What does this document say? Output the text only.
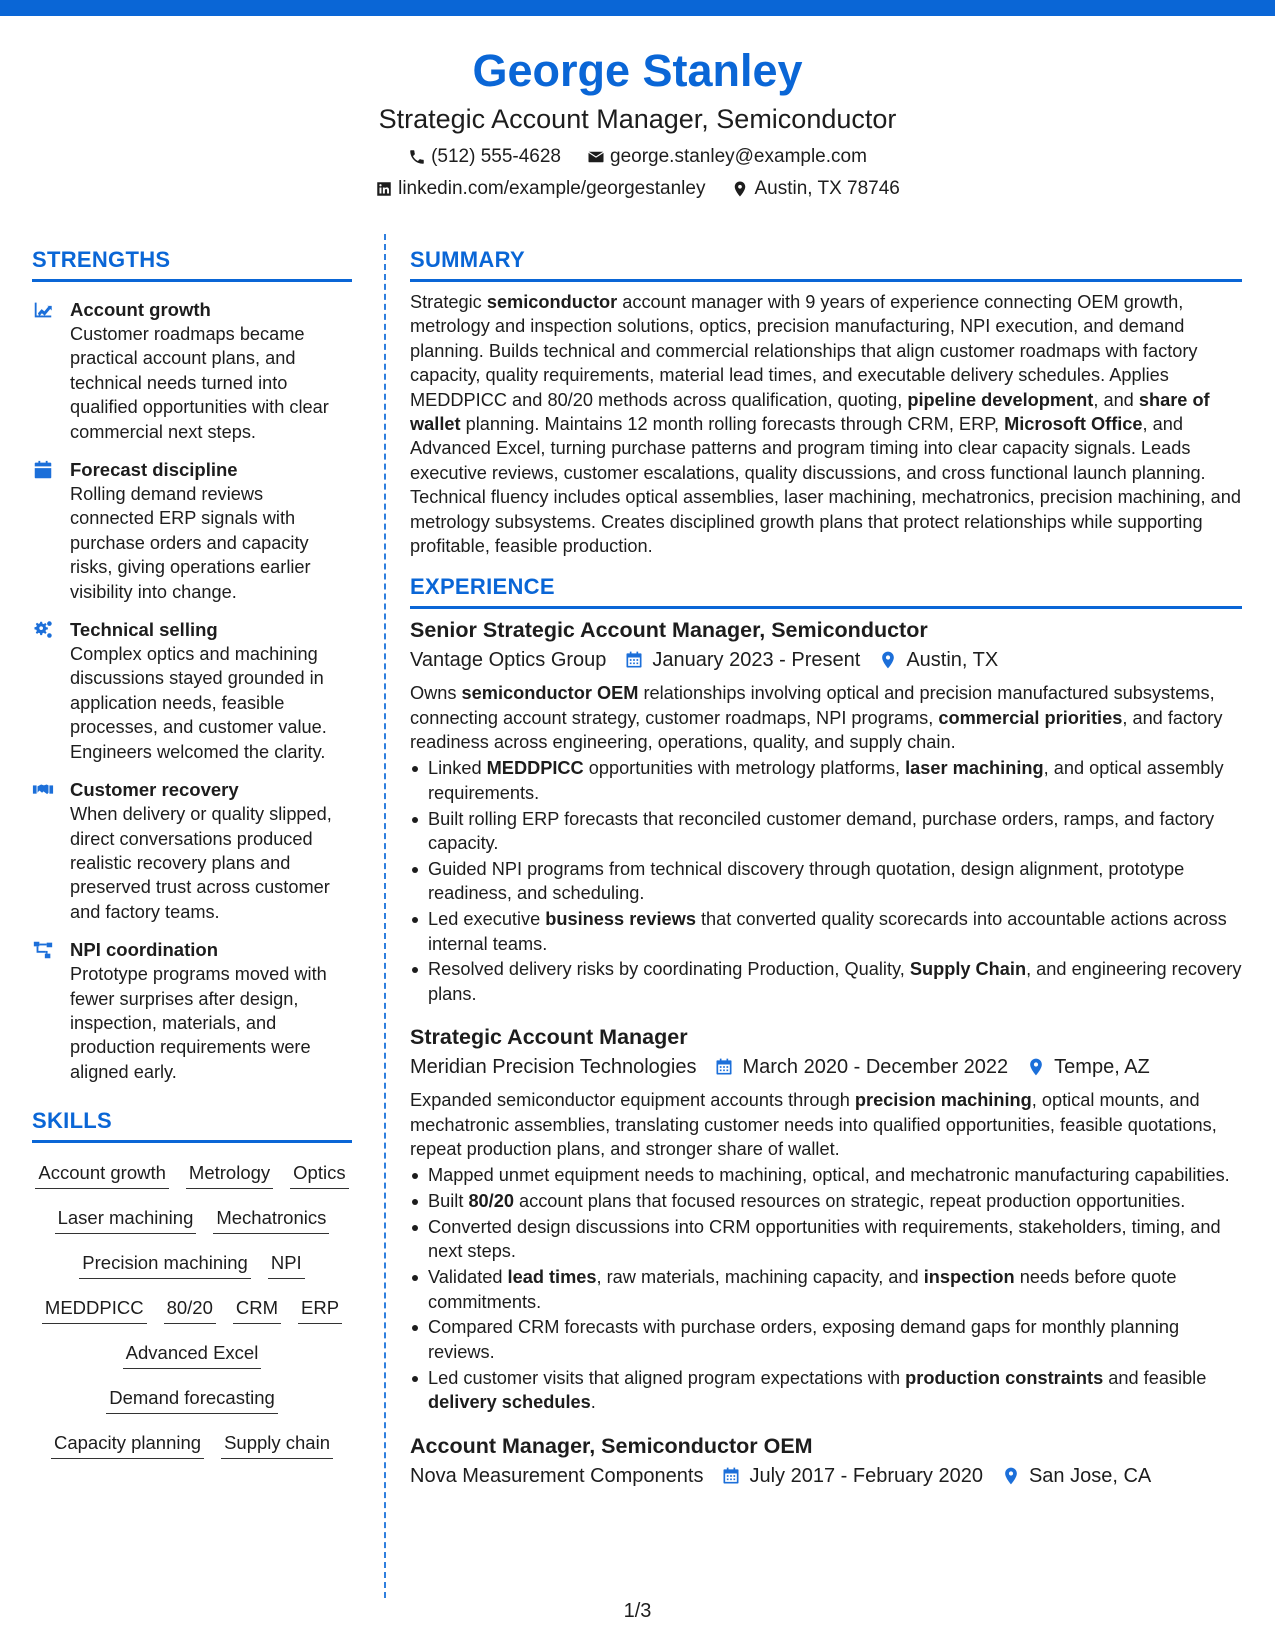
George Stanley

Strategic Account Manager, Semiconductor

(512) 555-4628	george.stanley@example.com
linkedin.com/example/georgestanley	Austin, TX 78746
STRENGTHS
Account growth
Customer roadmaps became practical account plans, and technical needs turned into qualified opportunities with clear commercial next steps.
Forecast discipline
Rolling demand reviews connected ERP signals with purchase orders and capacity risks, giving operations earlier visibility into change.
Technical selling
Complex optics and machining discussions stayed grounded in application needs, feasible processes, and customer value. Engineers welcomed the clarity.
Customer recovery
When delivery or quality slipped, direct conversations produced realistic recovery plans and preserved trust across customer and factory teams.
NPI coordination
Prototype programs moved with fewer surprises after design, inspection, materials, and production requirements were aligned early.
SKILLS
Account growth Metrology Optics
Laser machining Mechatronics
Precision machining NPI
MEDDPICC 80/20 CRM ERP
Advanced Excel
Demand forecasting
Capacity planning Supply chain
SUMMARY
Strategic semiconductor account manager with 9 years of experience connecting OEM growth, metrology and inspection solutions, optics, precision manufacturing, NPI execution, and demand planning. Builds technical and commercial relationships that align customer roadmaps with factory capacity, quality requirements, material lead times, and executable delivery schedules. Applies MEDDPICC and 80/20 methods across qualification, quoting, pipeline development, and share of wallet planning. Maintains 12 month rolling forecasts through CRM, ERP, Microsoft Office, and Advanced Excel, turning purchase patterns and program timing into clear capacity signals. Leads executive reviews, customer escalations, quality discussions, and cross functional launch planning. Technical fluency includes optical assemblies, laser machining, mechatronics, precision machining, and metrology subsystems. Creates disciplined growth plans that protect relationships while supporting profitable, feasible production.
EXPERIENCE
Senior Strategic Account Manager, Semiconductor
Vantage Optics Group January 2023 - Present Austin, TX
Owns semiconductor OEM relationships involving optical and precision manufactured subsystems, connecting account strategy, customer roadmaps, NPI programs, commercial priorities, and factory readiness across engineering, operations, quality, and supply chain.
Linked MEDDPICC opportunities with metrology platforms, laser machining, and optical assembly requirements.
Built rolling ERP forecasts that reconciled customer demand, purchase orders, ramps, and factory capacity.
Guided NPI programs from technical discovery through quotation, design alignment, prototype readiness, and scheduling.
Led executive business reviews that converted quality scorecards into accountable actions across internal teams.
Resolved delivery risks by coordinating Production, Quality, Supply Chain, and engineering recovery plans.
Strategic Account Manager
Meridian Precision Technologies March 2020 - December 2022 Tempe, AZ
Expanded semiconductor equipment accounts through precision machining, optical mounts, and mechatronic assemblies, translating customer needs into qualified opportunities, feasible quotations, repeat production plans, and stronger share of wallet.
Mapped unmet equipment needs to machining, optical, and mechatronic manufacturing capabilities.
Built 80/20 account plans that focused resources on strategic, repeat production opportunities.
Converted design discussions into CRM opportunities with requirements, stakeholders, timing, and next steps.
Validated lead times, raw materials, machining capacity, and inspection needs before quote commitments.
Compared CRM forecasts with purchase orders, exposing demand gaps for monthly planning reviews.
Led customer visits that aligned program expectations with production constraints and feasible delivery schedules.
Account Manager, Semiconductor OEM
Nova Measurement Components July 2017 - February 2020 San Jose, CA
1/3
